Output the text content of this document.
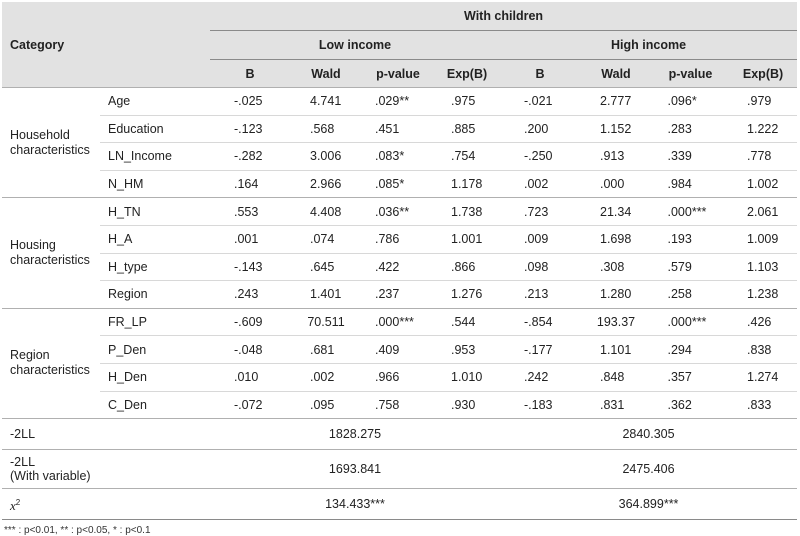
Category		With children							
		Low income				High income			
		B	Wald	p-value	Exp(B)	B	Wald	p-value	Exp(B)
Household characteristics	Age	-.025	4.741	.029**	.975	-.021	2.777	.096*	.979
	Education	-.123	.568	.451	.885	.200	1.152	.283	1.222
	LN_Income	-.282	3.006	.083*	.754	-.250	.913	.339	.778
	N_HM	.164	2.966	.085*	1.178	.002	.000	.984	1.002
Housing characteristics	H_TN	.553	4.408	.036**	1.738	.723	21.34	.000***	2.061
	H_A	.001	.074	.786	1.001	.009	1.698	.193	1.009
	H_type	-.143	.645	.422	.866	.098	.308	.579	1.103
	Region	.243	1.401	.237	1.276	.213	1.280	.258	1.238
Region characteristics	FR_LP	-.609	70.511	.000***	.544	-.854	193.37	.000***	.426
	P_Den	-.048	.681	.409	.953	-.177	1.101	.294	.838
	H_Den	.010	.002	.966	1.010	.242	.848	.357	1.274
	C_Den	-.072	.095	.758	.930	-.183	.831	.362	.833
-2LL		1828.275				2840.305			
-2LL
(With variable)		1693.841				2475.406			
$x^2$		134.433***				364.899***			
*** : p<0.01, ** : p<0.05, * : p<0.1
